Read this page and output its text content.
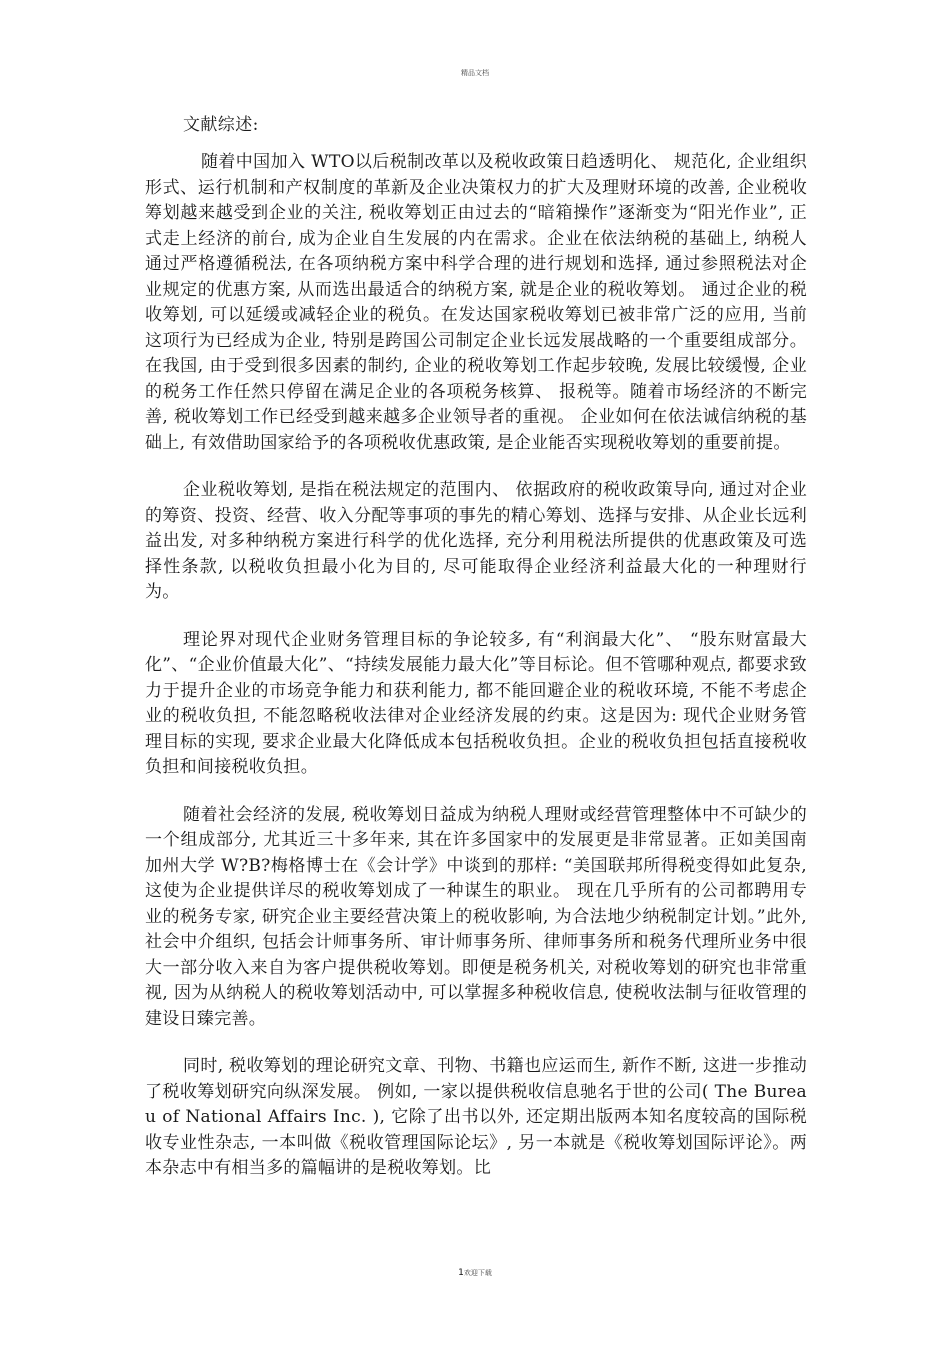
精品文档
文献综述:

随着中国加入 WTO以后税制改革以及税收政策日趋透明化、 规范化, 企业组织形式、运行机制和产权制度的革新及企业决策权力的扩大及理财环境的改善, 企业税收筹划越来越受到企业的关注, 税收筹划正由过去的“暗箱操作”逐渐变为“阳光作业”, 正式走上经济的前台, 成为企业自生发展的内在需求。企业在依法纳税的基础上, 纳税人通过严格遵循税法, 在各项纳税方案中科学合理的进行规划和选择, 通过参照税法对企业规定的优惠方案, 从而选出最适合的纳税方案, 就是企业的税收筹划。 通过企业的税收筹划, 可以延缓或减轻企业的税负。在发达国家税收筹划已被非常广泛的应用, 当前这项行为已经成为企业, 特别是跨国公司制定企业长远发展战略的一个重要组成部分。 在我国, 由于受到很多因素的制约, 企业的税收筹划工作起步较晚, 发展比较缓慢, 企业的税务工作任然只停留在满足企业的各项税务核算、 报税等。随着市场经济的不断完善, 税收筹划工作已经受到越来越多企业领导者的重视。 企业如何在依法诚信纳税的基础上, 有效借助国家给予的各项税收优惠政策, 是企业能否实现税收筹划的重要前提。

企业税收筹划, 是指在税法规定的范围内、 依据政府的税收政策导向, 通过对企业的筹资、投资、经营、收入分配等事项的事先的精心筹划、选择与安排、从企业长远利益出发, 对多种纳税方案进行科学的优化选择, 充分利用税法所提供的优惠政策及可选择性条款, 以税收负担最小化为目的, 尽可能取得企业经济利益最大化的一种理财行为。

理论界对现代企业财务管理目标的争论较多, 有“利润最大化”、 “股东财富最大化”、“企业价值最大化”、“持续发展能力最大化”等目标论。但不管哪种观点, 都要求致力于提升企业的市场竞争能力和获利能力, 都不能回避企业的税收环境, 不能不考虑企业的税收负担, 不能忽略税收法律对企业经济发展的约束。这是因为: 现代企业财务管理目标的实现, 要求企业最大化降低成本包括税收负担。企业的税收负担包括直接税收负担和间接税收负担。

随着社会经济的发展, 税收筹划日益成为纳税人理财或经营管理整体中不可缺少的一个组成部分, 尤其近三十多年来, 其在许多国家中的发展更是非常显著。正如美国南加州大学 W?B?梅格博士在《会计学》中谈到的那样: “美国联邦所得税变得如此复杂, 这使为企业提供详尽的税收筹划成了一种谋生的职业。 现在几乎所有的公司都聘用专业的税务专家, 研究企业主要经营决策上的税收影响, 为合法地少纳税制定计划。”此外, 社会中介组织, 包括会计师事务所、审计师事务所、律师事务所和税务代理所业务中很大一部分收入来自为客户提供税收筹划。即便是税务机关, 对税收筹划的研究也非常重视, 因为从纳税人的税收筹划活动中, 可以掌握多种税收信息, 使税收法制与征收管理的建设日臻完善。

同时, 税收筹划的理论研究文章、刊物、书籍也应运而生, 新作不断, 这进一步推动了税收筹划研究向纵深发展。 例如, 一家以提供税收信息驰名于世的公司( The Bureau of National Affairs Inc. ), 它除了出书以外, 还定期出版两本知名度较高的国际税收专业性杂志, 一本叫做《税收管理国际论坛》, 另一本就是《税收筹划国际评论》。两本杂志中有相当多的篇幅讲的是税收筹划。比

1欢迎下载
